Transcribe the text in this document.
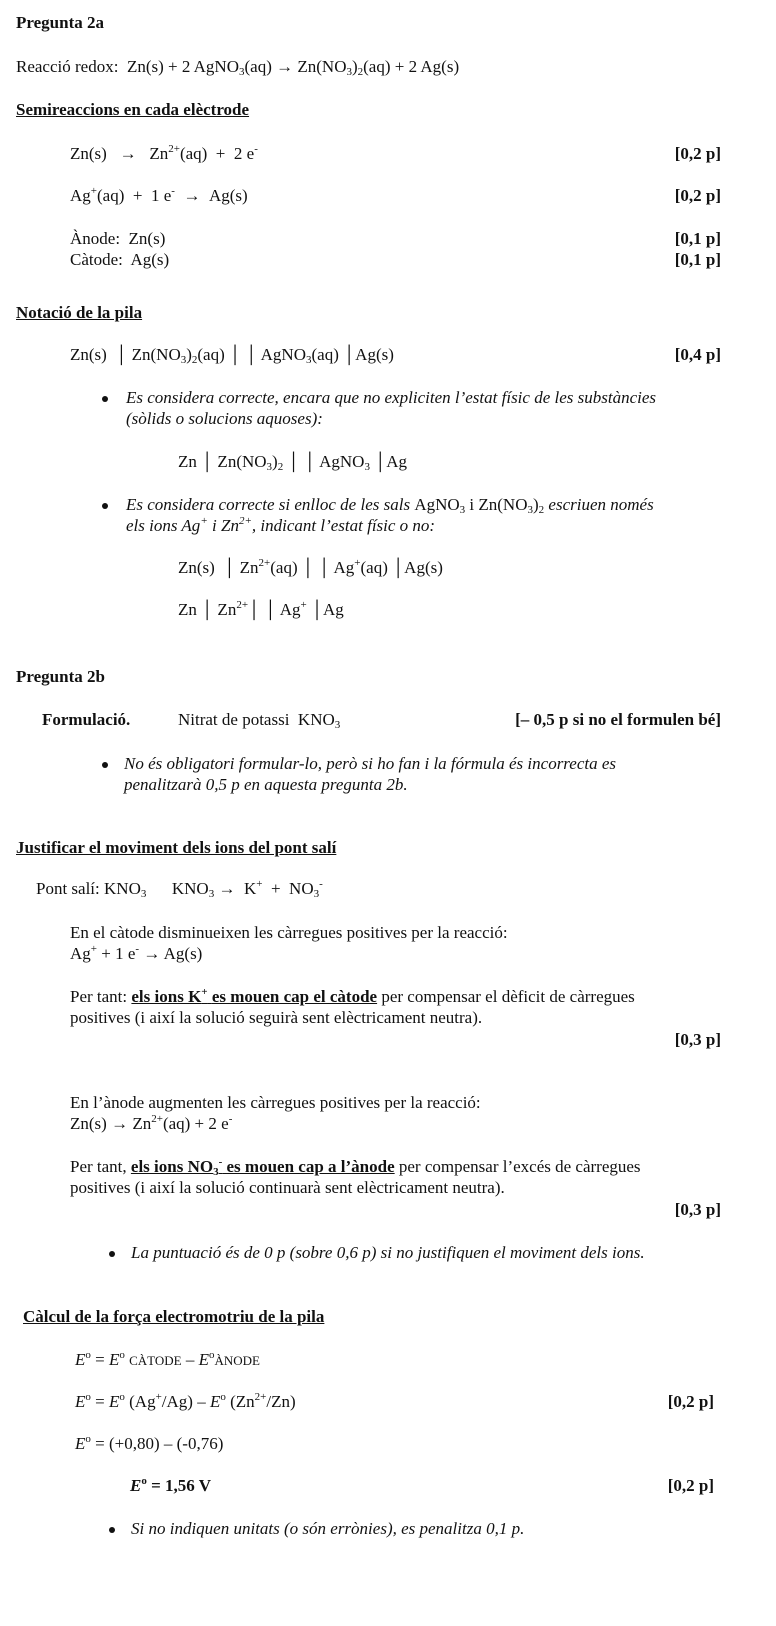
Pregunta 2a
Reacció redox:  Zn(s) + 2 AgNO$_3$(aq) → $Zn(NO_3)_2(aq) + 2$ Ag(s)
Semireaccions en cada elèctrode
$Zn(s) \to Zn^{2+}(aq) + 2$ e-	[0,2 p]
Ag+(aq)  +  1 e-  →  Ag(s)	[0,2 p]
Ànode: Zn(s)	[0,1 p]
Càtode: Ag(s)	[0,1 p]
Notació de la pila
Zn(s)  │ $Zn(NO_3)_2(aq)$ │ │ AgNO$_3$(aq) │Ag(s)	[0,4 p]
Es considera correcte, encara que no expliciten l’estat físic de les substàncies
(sòlids o solucions aquoses):
Zn │ $Zn(NO_3)_2$ │ │ AgNO$_3$ │Ag
Es considera correcte si enlloc de les sals AgNO$_3$ i $Zn(NO_3)_2$ escriuen només
els ions Ag+ i $Zn^{2+}$, indicant l’estat físic o no:
Zn(s)  │ $Zn^{2+}(aq)$ │ │ Ag+(aq) │Ag(s)
Zn │ $Zn^{2+}│$ │ Ag+ │Ag
Pregunta 2b
Formulació.	Nitrat de potassi  $KNO_3$	[– 0,5 p si no el formulen bé]
No és obligatori formular-lo, però si ho fan i la fórmula és incorrecta es
penalitzarà 0,5 p en aquesta pregunta 2b.
Justificar el moviment dels ions del pont salí
Pont salí: $KNO_3$      $KNO_3 \to K^+ + NO_3^-$
En el càtode disminueixen les càrregues positives per la reacció:
Ag+ + 1 e- → Ag(s)
Per tant: els ions K+ es mouen cap el càtode per compensar el dèficit de càrregues
positives (i així la solució seguirà sent elèctricament neutra).
[0,3 p]
En l’ànode augmenten les càrregues positives per la reacció:
$Zn(s) \to Zn^{2+}(aq) + 2$ e-
Per tant, els ions $NO_3^-$ es mouen cap a l’ànode per compensar l’excés de càrregues
positives (i així la solució continuarà sent elèctricament neutra).
[0,3 p]
La puntuació és de 0 p (sobre 0,6 p) si no justifiquen el moviment dels ions.
Càlcul de la força electromotriu de la pila
$E^o = E^o$ CÀTODE – $E^oÀNODE$
$E^o = E^o$ $(Ag^+/Ag) - E^o$ $(Zn^{2+}/Zn)$	[0,2 p]
$E^o = (+0,80) - (-0,76)$
$E^o = 1,56$ V	[0,2 p]
Si no indiquen unitats (o són errònies), es penalitza 0,1 p.
